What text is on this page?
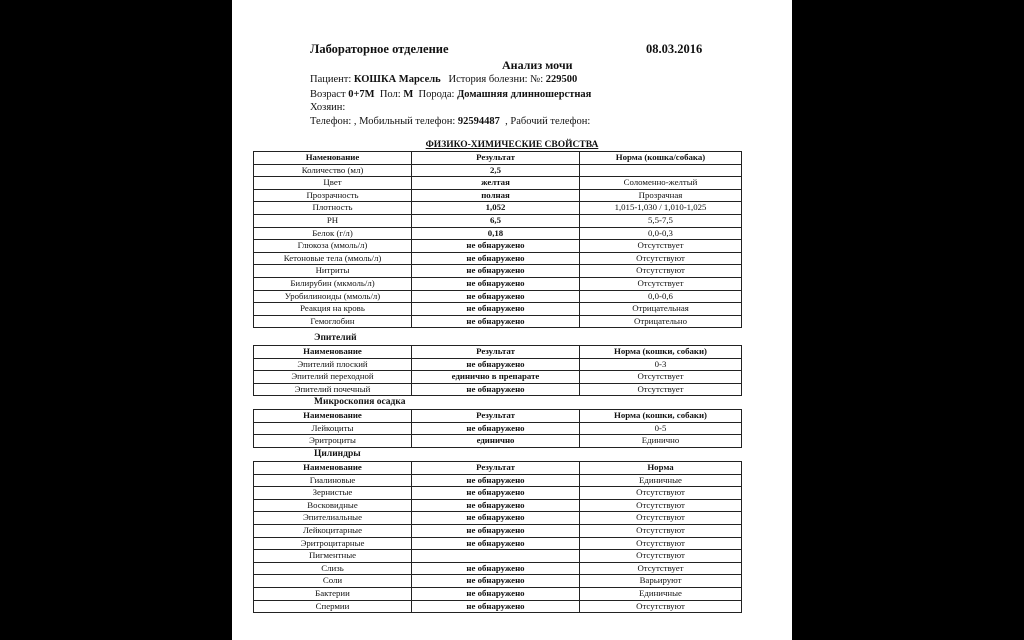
Лабораторное отделение	08.03.2016
Анализ мочи
Пациент: КОШКА Марсель История болезни: №: 229500
Возраст 0+7М Пол: М Порода: Домашняя длинношерстная
Хозяин:
Телефон: , Мобильный телефон: 92594487 , Рабочий телефон:
ФИЗИКО-ХИМИЧЕСКИЕ СВОЙСТВА
Наменование	Результат	Норма (кошка/собака)
Количество (мл)	2,5	
Цвет	желтая	Соломенно-желтый
Прозрачность	полная	Прозрачная
Плотность	1,052	1,015-1,030 / 1,010-1,025
PH	6,5	5,5-7,5
Белок (г/л)	0,18	0,0-0,3
Глюкоза (ммоль/л)	не обнаружено	Отсутствует
Кетоновые тела (ммоль/л)	не обнаружено	Отсутствуют
Нитриты	не обнаружено	Отсутствуют
Билирубин (мкмоль/л)	не обнаружено	Отсутствует
Уробилиноиды (ммоль/л)	не обнаружено	0,0-0,6
Реакция на кровь	не обнаружено	Отрицательная
Гемоглобин	не обнаружено	Отрицательно
Эпителий
Наименование	Результат	Норма (кошки, собаки)
Эпителий плоский	не обнаружено	0-3
Эпителий переходной	единично в препарате	Отсутствует
Эпителий почечный	не обнаружено	Отсутствует
Микроскопия осадка
Наименование	Результат	Норма (кошки, собаки)
Лейкоциты	не обнаружено	0-5
Эритроциты	единично	Единично
Цилиндры
Наименование	Результат	Норма
Гиалиновые	не обнаружено	Единичные
Зернистые	не обнаружено	Отсутствуют
Восковидные	не обнаружено	Отсутствуют
Эпителиальные	не обнаружено	Отсутствуют
Лейкоцитарные	не обнаружено	Отсутствуют
Эритроцитарные	не обнаружено	Отсутствуют
Пигментные		Отсутствуют
Слизь	не обнаружено	Отсутствует
Соли	не обнаружено	Варьируют
Бактерии	не обнаружено	Единичные
Спермии	не обнаружено	Отсутствуют
